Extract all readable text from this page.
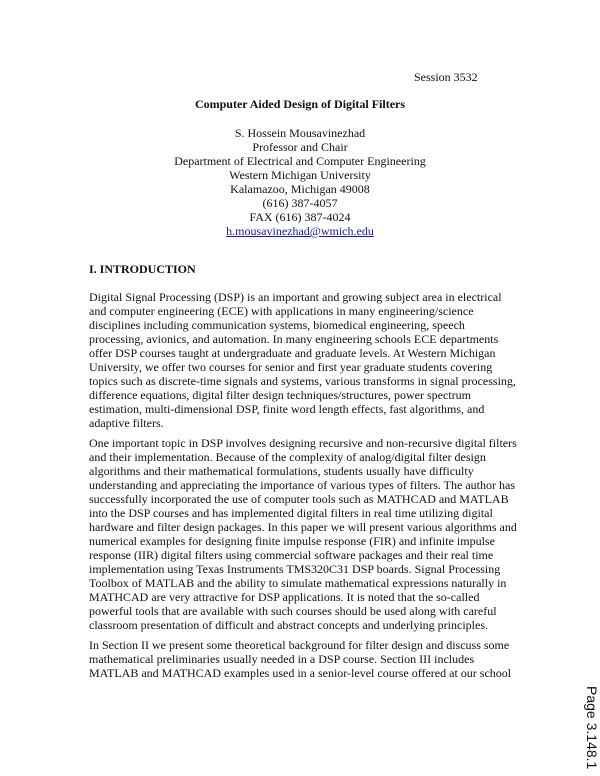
Session 3532
Computer Aided Design of Digital Filters
S. Hossein Mousavinezhad
Professor and Chair
Department of Electrical and Computer Engineering
Western Michigan University
Kalamazoo, Michigan 49008
(616) 387-4057
FAX (616) 387-4024
h.mousavinezhad@wmich.edu
I. INTRODUCTION
Digital Signal Processing (DSP) is an important and growing subject area in electrical
and computer engineering (ECE) with applications in many engineering/science
disciplines including communication systems, biomedical engineering, speech
processing, avionics, and automation. In many engineering schools ECE departments
offer DSP courses taught at undergraduate and graduate levels. At Western Michigan
University, we offer two courses for senior and first year graduate students covering
topics such as discrete-time signals and systems, various transforms in signal processing,
difference equations, digital filter design techniques/structures, power spectrum
estimation, multi-dimensional DSP, finite word length effects, fast algorithms, and
adaptive filters.
One important topic in DSP involves designing recursive and non-recursive digital filters
and their implementation. Because of the complexity of analog/digital filter design
algorithms and their mathematical formulations, students usually have difficulty
understanding and appreciating the importance of various types of filters. The author has
successfully incorporated the use of computer tools such as MATHCAD and MATLAB
into the DSP courses and has implemented digital filters in real time utilizing digital
hardware and filter design packages. In this paper we will present various algorithms and
numerical examples for designing finite impulse response (FIR) and infinite impulse
response (IIR) digital filters using commercial software packages and their real time
implementation using Texas Instruments TMS320C31 DSP boards. Signal Processing
Toolbox of MATLAB and the ability to simulate mathematical expressions naturally in
MATHCAD are very attractive for DSP applications. It is noted that the so-called
powerful tools that are available with such courses should be used along with careful
classroom presentation of difficult and abstract concepts and underlying principles.
In Section II we present some theoretical background for filter design and discuss some
mathematical preliminaries usually needed in a DSP course. Section III includes
MATLAB and MATHCAD examples used in a senior-level course offered at our school
Page 3.148.1
